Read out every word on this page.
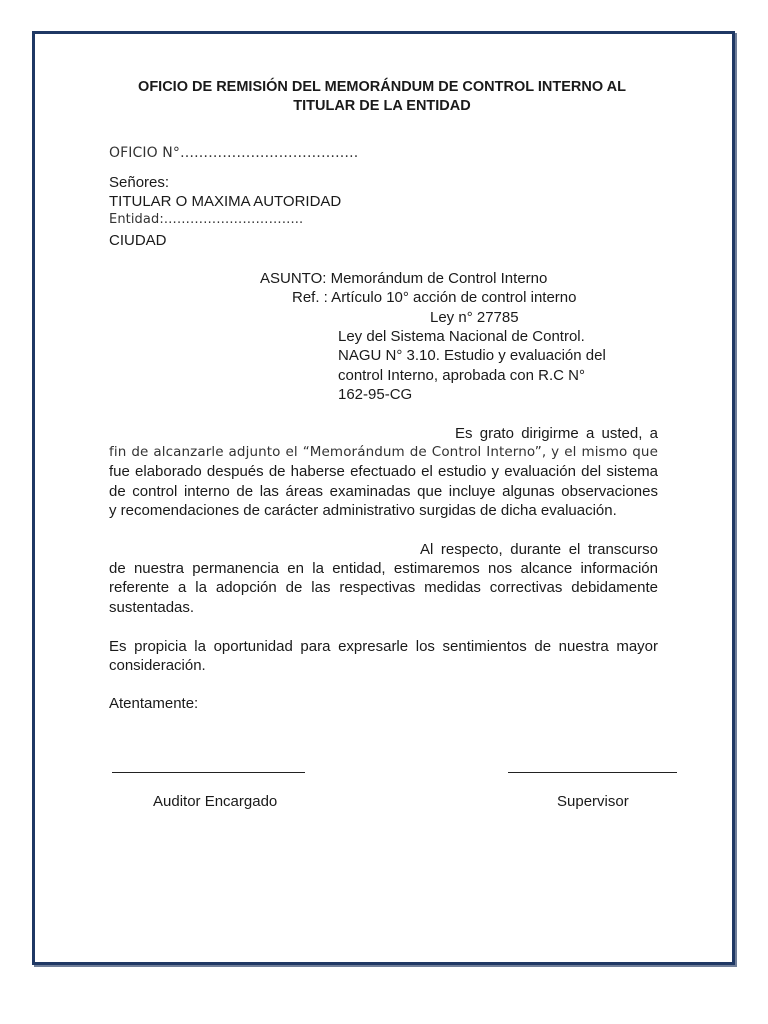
OFICIO DE REMISIÓN DEL MEMORÁNDUM DE CONTROL INTERNO AL
TITULAR DE LA ENTIDAD
OFICIO N°………………………………..
Señores:
TITULAR O MAXIMA AUTORIDAD
Entidad:…………………………..
CIUDAD
ASUNTO: Memorándum de Control Interno
Ref. : Artículo 10° acción de control interno
Ley n° 27785
Ley del Sistema Nacional de Control.
NAGU N° 3.10. Estudio y evaluación del
control Interno, aprobada con R.C N°
162-95-CG
Es grato dirigirme a usted, a
fin de alcanzarle adjunto el “Memorándum de Control Interno”, y el mismo que
fue elaborado después de haberse efectuado el estudio y evaluación del sistema
de control interno de las áreas examinadas que incluye algunas observaciones
y recomendaciones de carácter administrativo surgidas de dicha evaluación.
Al respecto, durante el transcurso
de nuestra permanencia en la entidad, estimaremos nos alcance información
referente a la adopción de las respectivas medidas correctivas debidamente
sustentadas.
Es propicia la oportunidad para expresarle los sentimientos de nuestra mayor
consideración.
Atentamente:
Auditor Encargado	Supervisor
